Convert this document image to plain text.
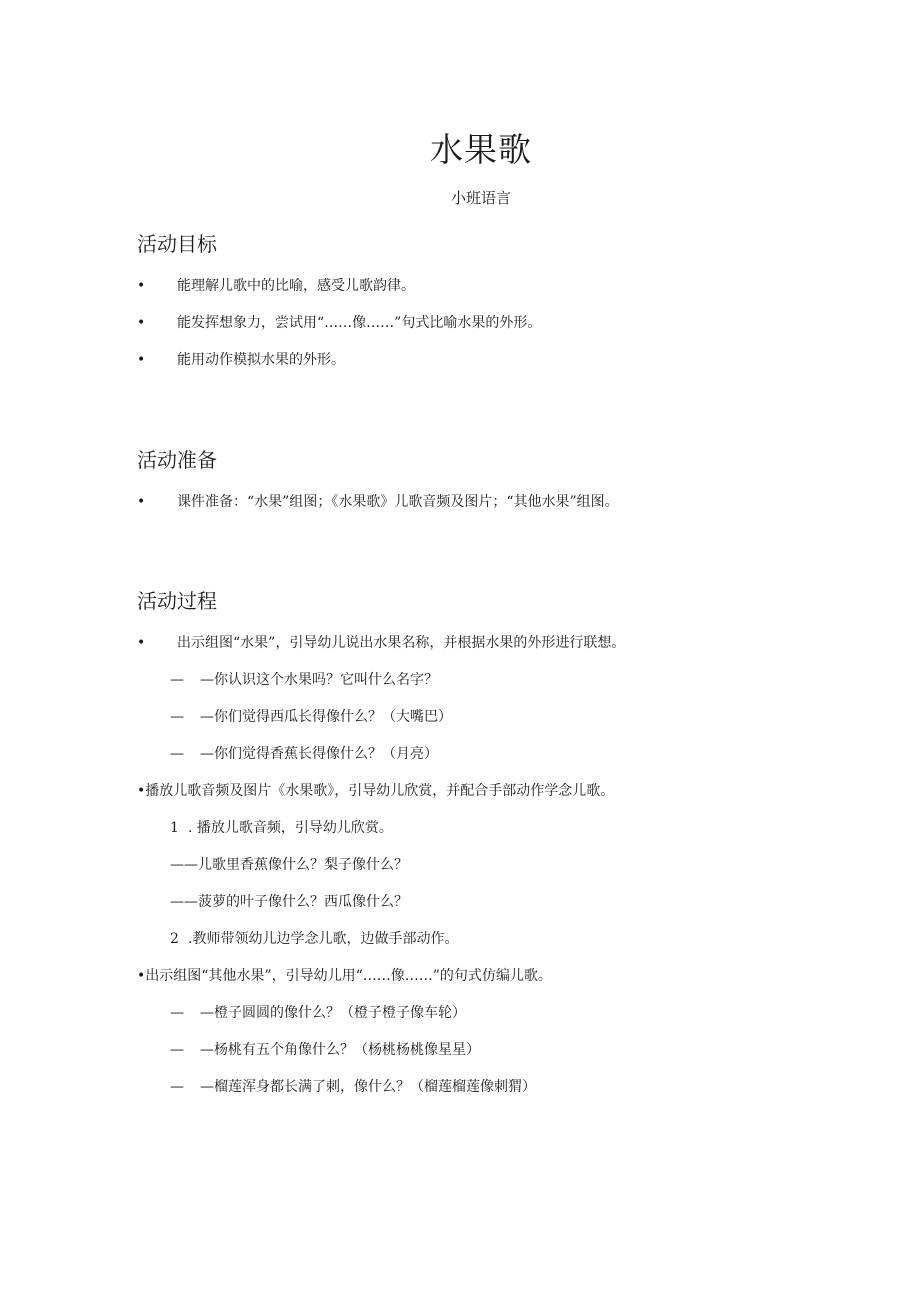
水果歌
小班语言
活动目标
• 能理解儿歌中的比喻，感受儿歌韵律。
• 能发挥想象力，尝试用“……像……”句式比喻水果的外形。
• 能用动作模拟水果的外形。
活动准备
• 课件准备：“水果”组图；《水果歌》儿歌音频及图片；“其他水果”组图。
活动过程
• 出示组图“水果”，引导幼儿说出水果名称，并根据水果的外形进行联想。
— —你认识这个水果吗？它叫什么名字？
— —你们觉得西瓜长得像什么？（大嘴巴）
— —你们觉得香蕉长得像什么？（月亮）
•播放儿歌音频及图片《水果歌》，引导幼儿欣赏，并配合手部动作学念儿歌。
1 . 播放儿歌音频，引导幼儿欣赏。
——儿歌里香蕉像什么？梨子像什么？
——菠萝的叶子像什么？西瓜像什么？
2 .教师带领幼儿边学念儿歌，边做手部动作。
•出示组图“其他水果”，引导幼儿用“……像……”的句式仿编儿歌。
— —橙子圆圆的像什么？（橙子橙子像车轮）
— —杨桃有五个角像什么？（杨桃杨桃像星星）
— —榴莲浑身都长满了刺，像什么？（榴莲榴莲像刺猬）
